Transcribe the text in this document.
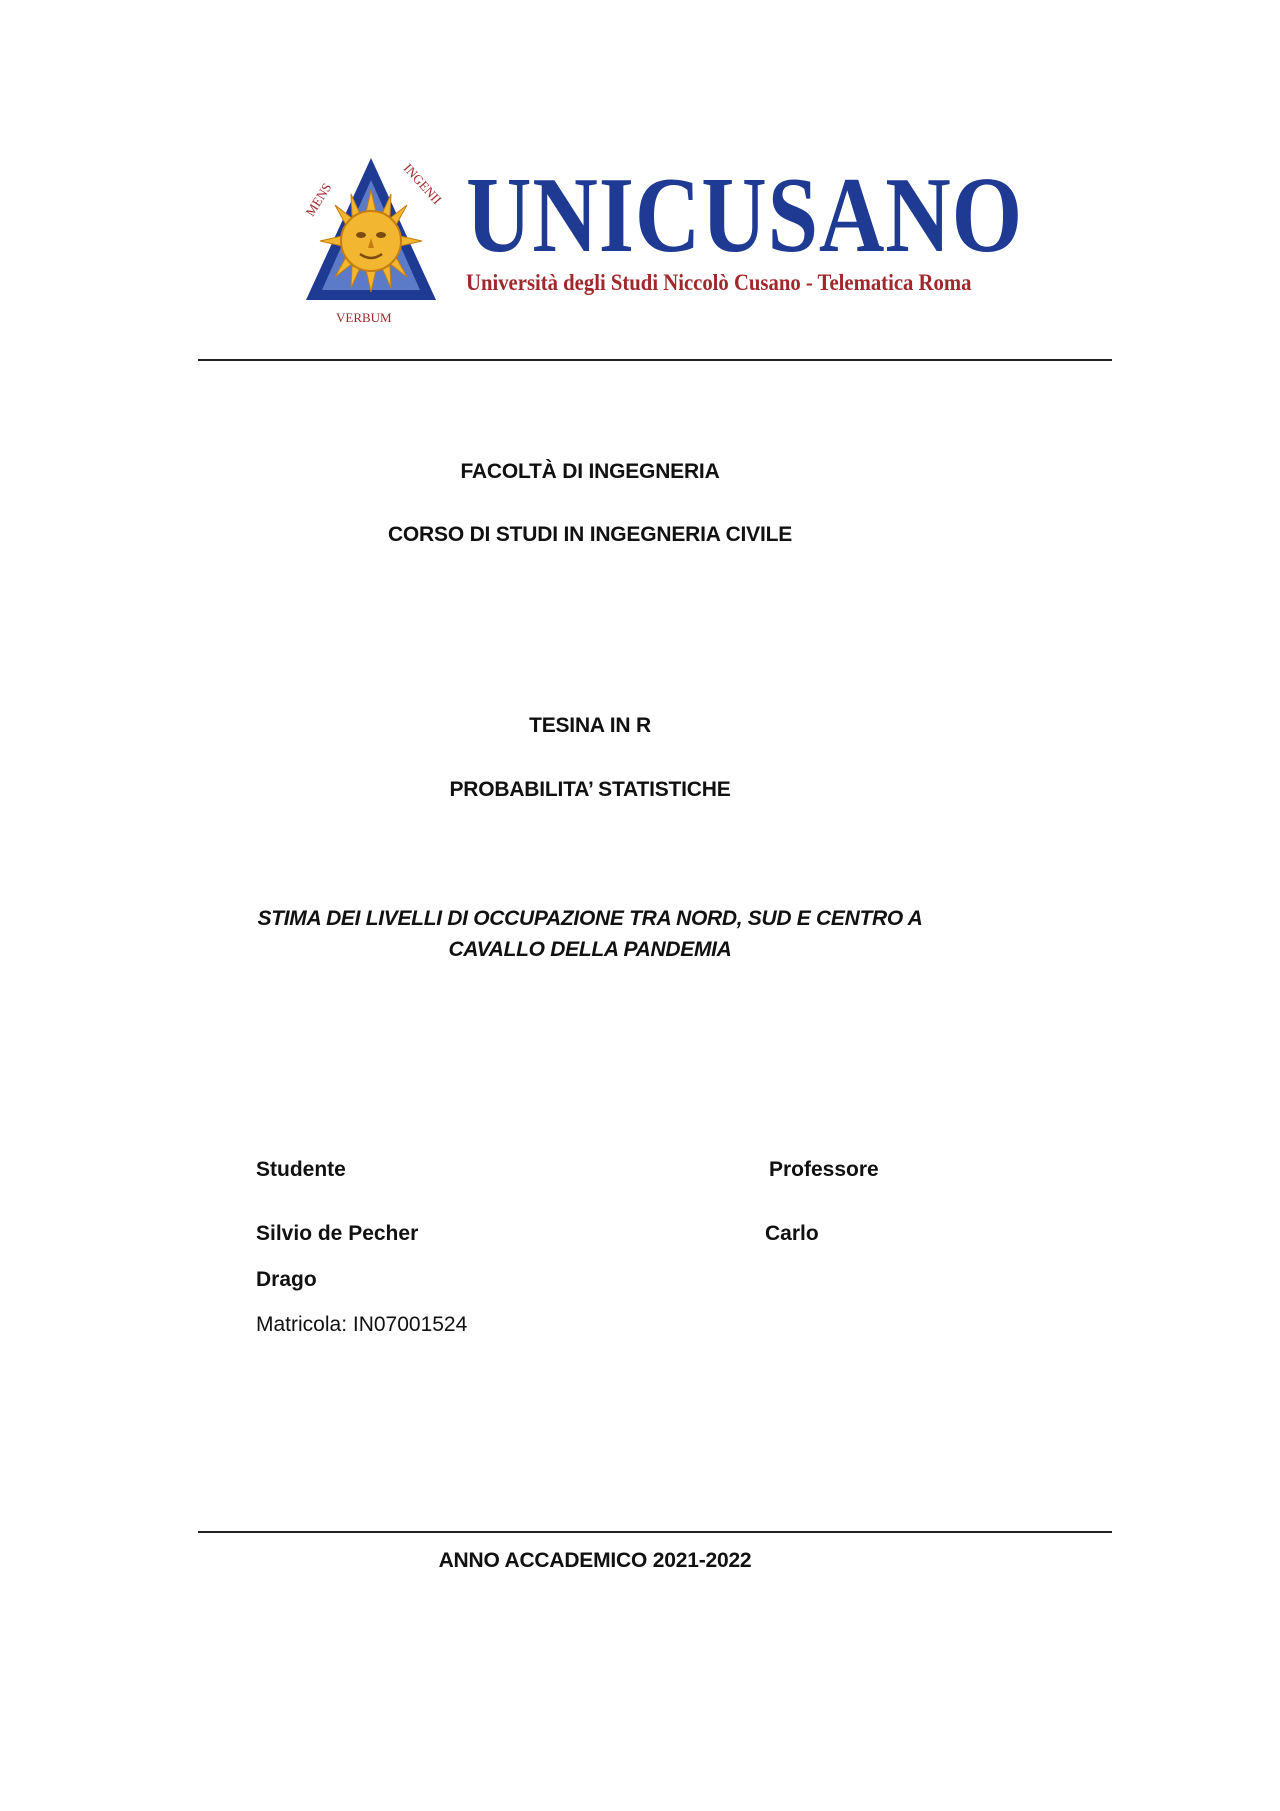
MENS	INGENII
VERBUM
UNICUSANO
Università degli Studi Niccolò Cusano - Telematica Roma
FACOLTÀ DI INGEGNERIA
CORSO DI STUDI IN INGEGNERIA CIVILE
TESINA IN R
PROBABILITA’ STATISTICHE
STIMA DEI LIVELLI DI OCCUPAZIONE TRA NORD, SUD E CENTRO A
CAVALLO DELLA PANDEMIA
Studente	Professore
Silvio de Pecher	Carlo
Drago
Matricola: IN07001524
ANNO ACCADEMICO 2021-2022
